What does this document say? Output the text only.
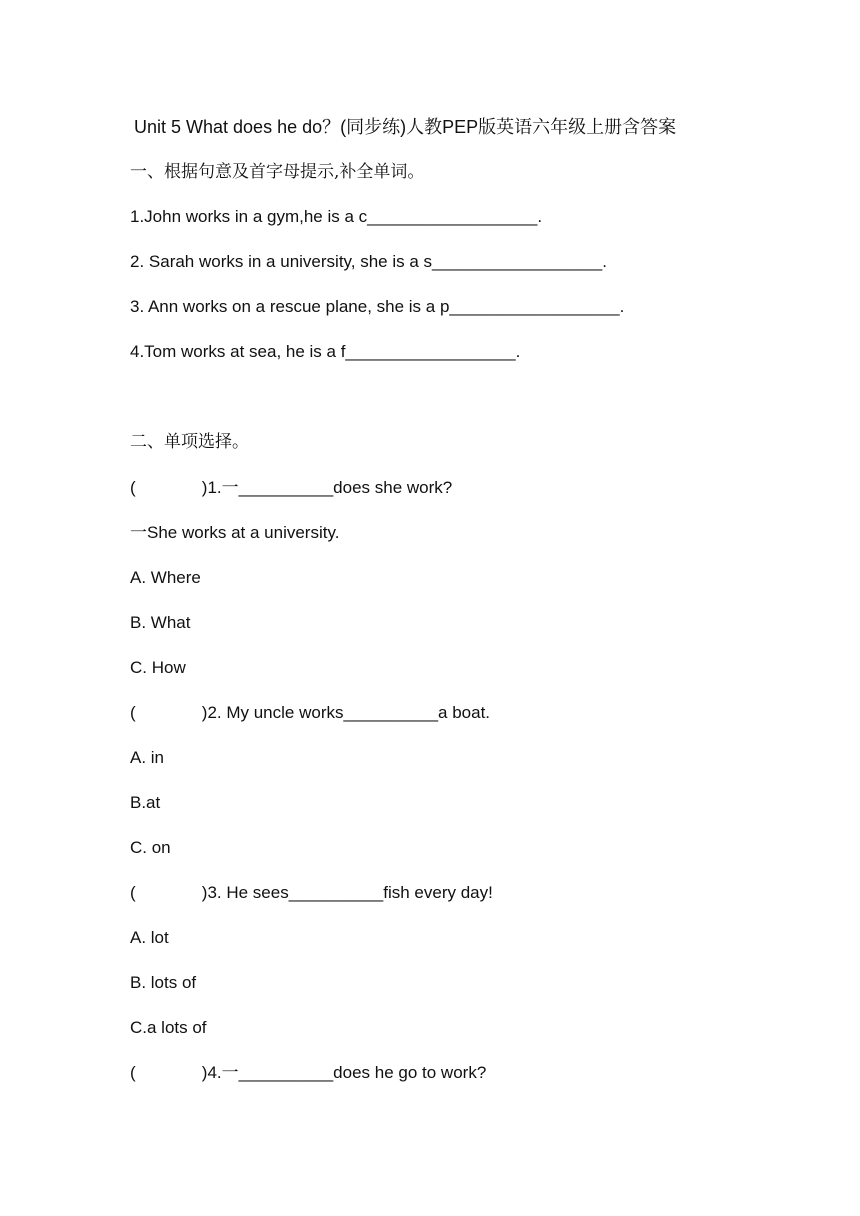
Unit 5 What does he do？(同步练)人教PEP版英语六年级上册含答案
一、根据句意及首字母提示,补全单词。
1.John works in a gym,he is a c__________________.
2. Sarah works in a university, she is a s__________________.
3. Ann works on a rescue plane, she is a p__________________.
4.Tom works at sea, he is a f__________________.
二、单项选择。
(              )1.一__________does she work?
一She works at a university.
A. Where
B. What
C. How
(              )2. My uncle works__________a boat.
A. in
B.at
C. on
(              )3. He sees__________fish every day!
A. lot
B. lots of
C.a lots of
(              )4.一__________does he go to work?
